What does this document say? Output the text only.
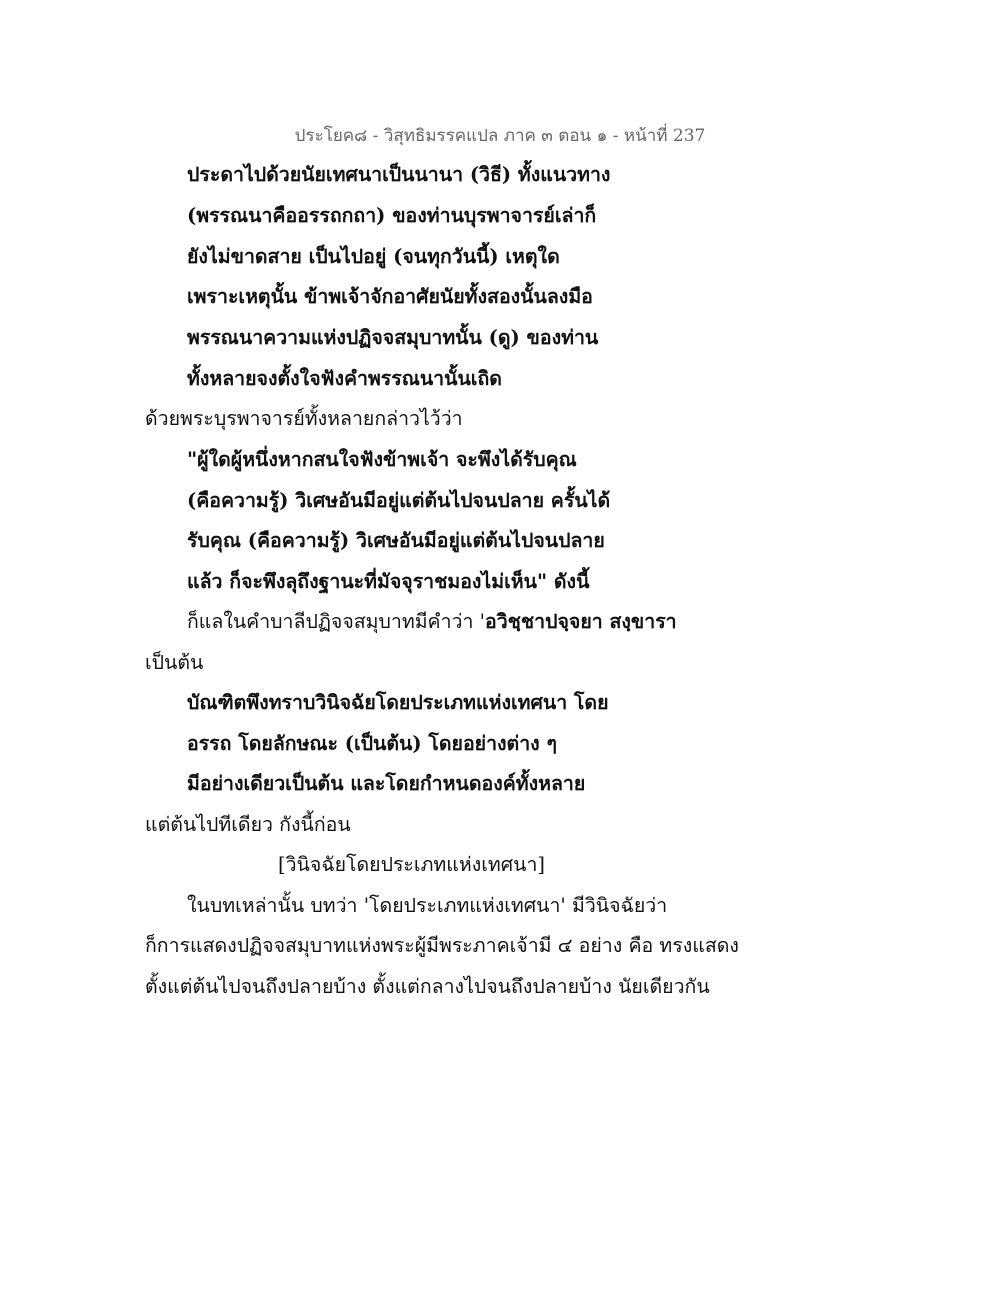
ประโยค๘ - วิสุทธิมรรคแปล ภาค ๓ ตอน ๑ - หน้าที่ 237
ประดาไปด้วยนัยเทศนาเป็นนานา (วิธี) ทั้งแนวทาง
(พรรณนาคืออรรถกถา) ของท่านบุรพาจารย์เล่าก็
ยังไม่ขาดสาย เป็นไปอยู่ (จนทุกวันนี้) เหตุใด
เพราะเหตุนั้น ข้าพเจ้าจักอาศัยนัยทั้งสองนั้นลงมือ
พรรณนาความแห่งปฏิจจสมุบาทนั้น (ดู) ของท่าน
ทั้งหลายจงตั้งใจฟังคำพรรณนานั้นเถิด
ด้วยพระบุรพาจารย์ทั้งหลายกล่าวไว้ว่า
"ผู้ใดผู้หนึ่งหากสนใจฟังข้าพเจ้า จะพึงได้รับคุณ
(คือความรู้) วิเศษอันมีอยู่แต่ต้นไปจนปลาย ครั้นได้
รับคุณ (คือความรู้) วิเศษอันมีอยู่แต่ต้นไปจนปลาย
แล้ว ก็จะพึงลุถึงฐานะที่มัจจุราชมองไม่เห็น" ดังนี้
ก็แลในคำบาลีปฏิจจสมุบาทมีคำว่า 'อวิชฺชาปจฺจยา สงฺขารา
เป็นต้น
บัณฑิตพึงทราบวินิจฉัยโดยประเภทแห่งเทศนา โดย
อรรถ โดยลักษณะ (เป็นต้น) โดยอย่างต่าง ๆ
มีอย่างเดียวเป็นต้น และโดยกำหนดองค์ทั้งหลาย
แต่ต้นไปทีเดียว กังนี้ก่อน
[วินิจฉัยโดยประเภทแห่งเทศนา]
ในบทเหล่านั้น บทว่า 'โดยประเภทแห่งเทศนา' มีวินิจฉัยว่า
ก็การแสดงปฏิจจสมุบาทแห่งพระผู้มีพระภาคเจ้ามี ๔ อย่าง คือ ทรงแสดง
ตั้งแต่ต้นไปจนถึงปลายบ้าง ตั้งแต่กลางไปจนถึงปลายบ้าง นัยเดียวกัน
